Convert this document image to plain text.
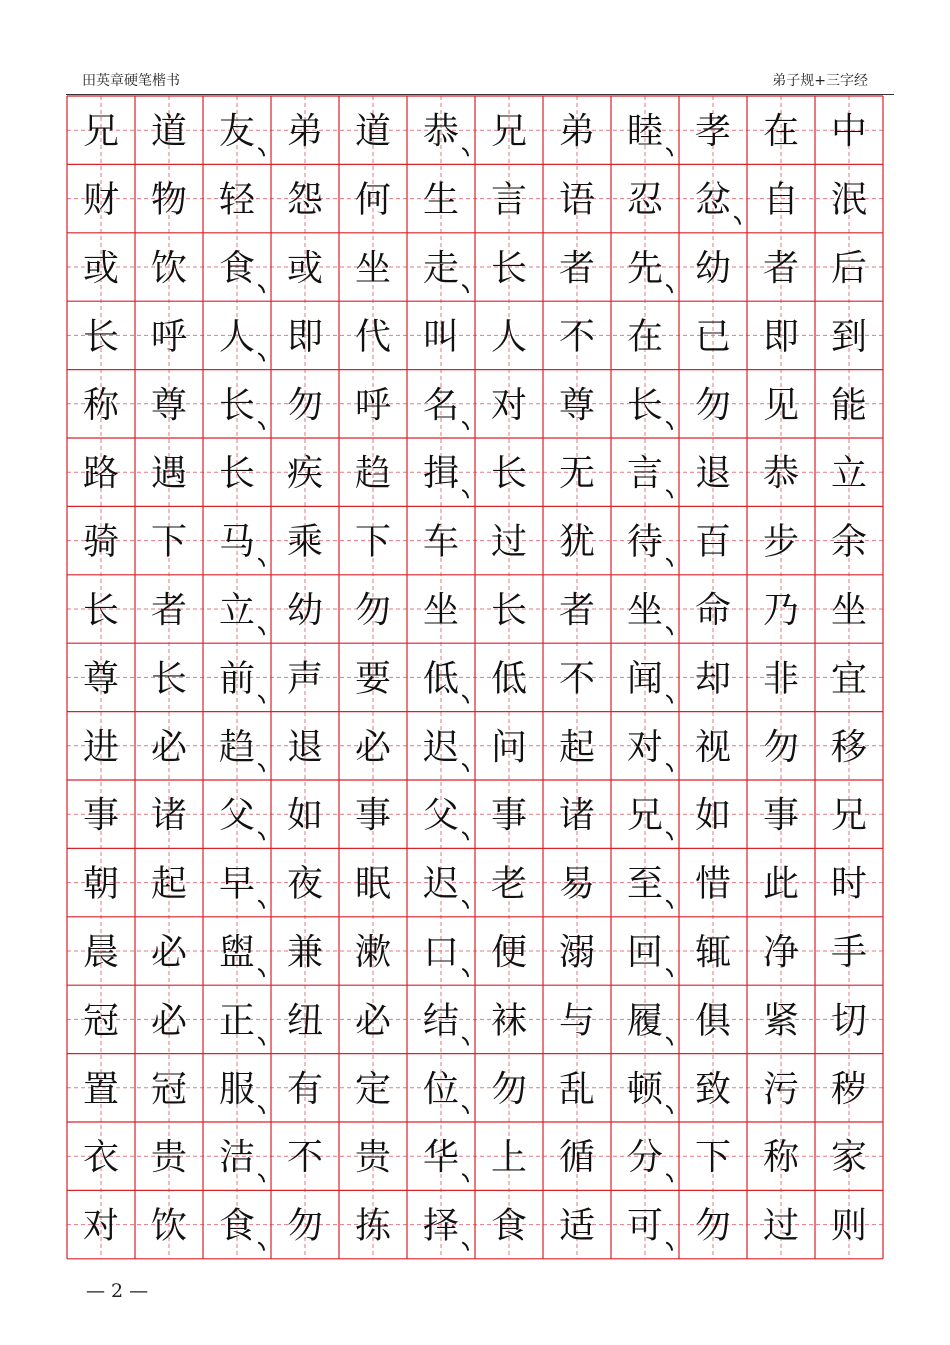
田英章硬笔楷书	弟子规+三字经
兄 道 友 弟 道 恭 兄 弟 睦 孝 在 中
财 物 轻 怨 何 生 言 语 忍 忿 自 泯
或 饮 食 或 坐 走 长 者 先 幼 者 后
长 呼 人 即 代 叫 人 不 在 已 即 到
称 尊 长 勿 呼 名 对 尊 长 勿 见 能
路 遇 长 疾 趋 揖 长 无 言 退 恭 立
骑 下 马 乘 下 车 过 犹 待 百 步 余
长 者 立 幼 勿 坐 长 者 坐 命 乃 坐
尊 长 前 声 要 低 低 不 闻 却 非 宜
进 必 趋 退 必 迟 问 起 对 视 勿 移
事 诸 父 如 事 父 事 诸 兄 如 事 兄
朝 起 早 夜 眠 迟 老 易 至 惜 此 时
晨 必 盥 兼 漱 口 便 溺 回 辄 净 手
冠 必 正 纽 必 结 袜 与 履 俱 紧 切
置 冠 服 有 定 位 勿 乱 顿 致 污 秽
衣 贵 洁 不 贵 华 上 循 分 下 称 家
对 饮 食 勿 拣 择 食 适 可 勿 过 则
— 2 —
